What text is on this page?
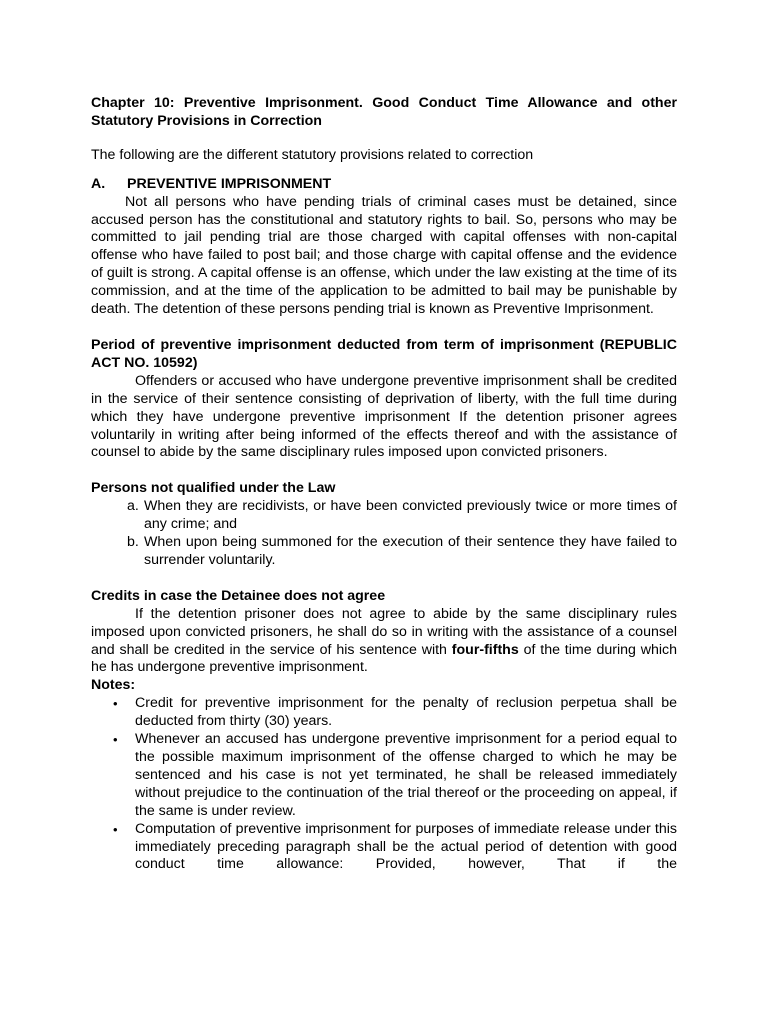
Chapter 10: Preventive Imprisonment. Good Conduct Time Allowance and other Statutory Provisions in Correction

The following are the different statutory provisions related to correction

A.	PREVENTIVE IMPRISONMENT

Not all persons who have pending trials of criminal cases must be detained, since accused person has the constitutional and statutory rights to bail. So, persons who may be committed to jail pending trial are those charged with capital offenses with non-capital offense who have failed to post bail; and those charge with capital offense and the evidence of guilt is strong. A capital offense is an offense, which under the law existing at the time of its commission, and at the time of the application to be admitted to bail may be punishable by death. The detention of these persons pending trial is known as Preventive Imprisonment.

Period of preventive imprisonment deducted from term of imprisonment (REPUBLIC ACT NO. 10592)

Offenders or accused who have undergone preventive imprisonment shall be credited in the service of their sentence consisting of deprivation of liberty, with the full time during which they have undergone preventive imprisonment If the detention prisoner agrees voluntarily in writing after being informed of the effects thereof and with the assistance of counsel to abide by the same disciplinary rules imposed upon convicted prisoners.

Persons not qualified under the Law

a. When they are recidivists, or have been convicted previously twice or more times of any crime; and
b. When upon being summoned for the execution of their sentence they have failed to surrender voluntarily.

Credits in case the Detainee does not agree

If the detention prisoner does not agree to abide by the same disciplinary rules imposed upon convicted prisoners, he shall do so in writing with the assistance of a counsel and shall be credited in the service of his sentence with four-fifths of the time during which he has undergone preventive imprisonment.

Notes:

•	Credit for preventive imprisonment for the penalty of reclusion perpetua shall be deducted from thirty (30) years.
•	Whenever an accused has undergone preventive imprisonment for a period equal to the possible maximum imprisonment of the offense charged to which he may be sentenced and his case is not yet terminated, he shall be released immediately without prejudice to the continuation of the trial thereof or the proceeding on appeal, if the same is under review.
•	Computation of preventive imprisonment for purposes of immediate release under this immediately preceding paragraph shall be the actual period of detention with good conduct time allowance: Provided, however, That if the
